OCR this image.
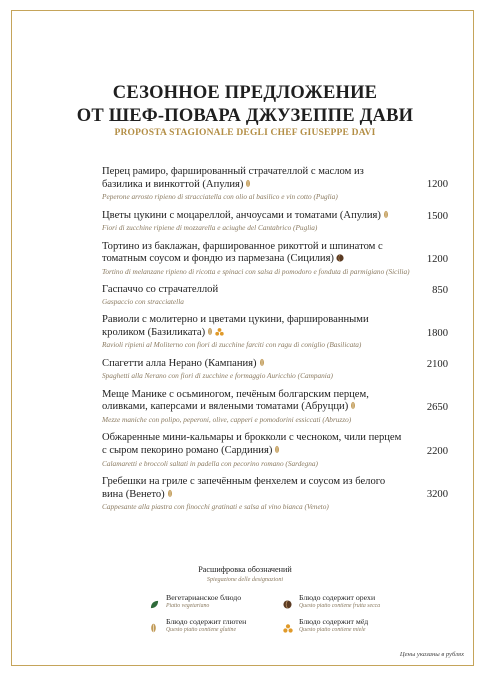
СЕЗОННОЕ ПРЕДЛОЖЕНИЕ
ОТ ШЕФ-ПОВАРА ДЖУЗЕППЕ ДАВИ
PROPOSTA STAGIONALE DEGLI CHEF GIUSEPPE DAVI
Перец рамиро, фаршированный страчателлой с маслом из базилика и винкоттой (Апулия)	1200
Peperone arrosto ripieno di stracciatella con olio al basilico e vin cotto (Puglia)
Цветы цукини с моцареллой, анчоусами и томатами (Апулия)	1500
Fiori di zucchine ripiene di mozzarella e aciughe del Cantabrico (Puglia)
Тортино из баклажан, фаршированное рикоттой и шпинатом с томатным соусом и фондю из пармезана (Сицилия)	1200
Tortino di melanzane ripieno di ricotta e spinaci con salsa di pomodoro e fonduta di parmigiano (Sicilia)
Гаспаччо со страчателлой	850
Gaspaccio con stracciatella
Равиоли с молитерно и цветами цукини, фаршированными кроликом (Базиликата)	1800
Ravioli ripieni al Moliterno con fiori di zucchine farciti con ragu di coniglio (Basilicata)
Спагетти алла Нерано (Кампания)	2100
Spaghetti alla Nerano con fiori di zucchine e formaggio Auricchio (Campania)
Меще Манике с осьминогом, печёным болгарским перцем, оливками, каперсами и вялеными томатами (Абруцци)	2650
Mezze maniche con polipo, peperoni, olive, capperi e pomodorini essiccati (Abruzzo)
Обжаренные мини-кальмары и брокколи с чесноком, чили перцем с сыром пекорино романо (Сардиния)	2200
Calamaretti e broccoli saltati in padella con pecorino romano (Sardegna)
Гребешки на гриле с запечённым фенхелем и соусом из белого вина (Венето)	3200
Cappesante alla piastra con finocchi gratinati e salsa al vino bianca (Veneto)
Расшифровка обозначений
Spiegazione delle designazioni
Вегетарианское блюдо
Piatto vegetariano
Блюдо содержит глютен
Questo piatto contiene glutine
Блюдо содержит орехи
Questo piatto contiene frutta secca
Блюдо содержит мёд
Questo piatto contiene miele
Цены указаны в рублях
